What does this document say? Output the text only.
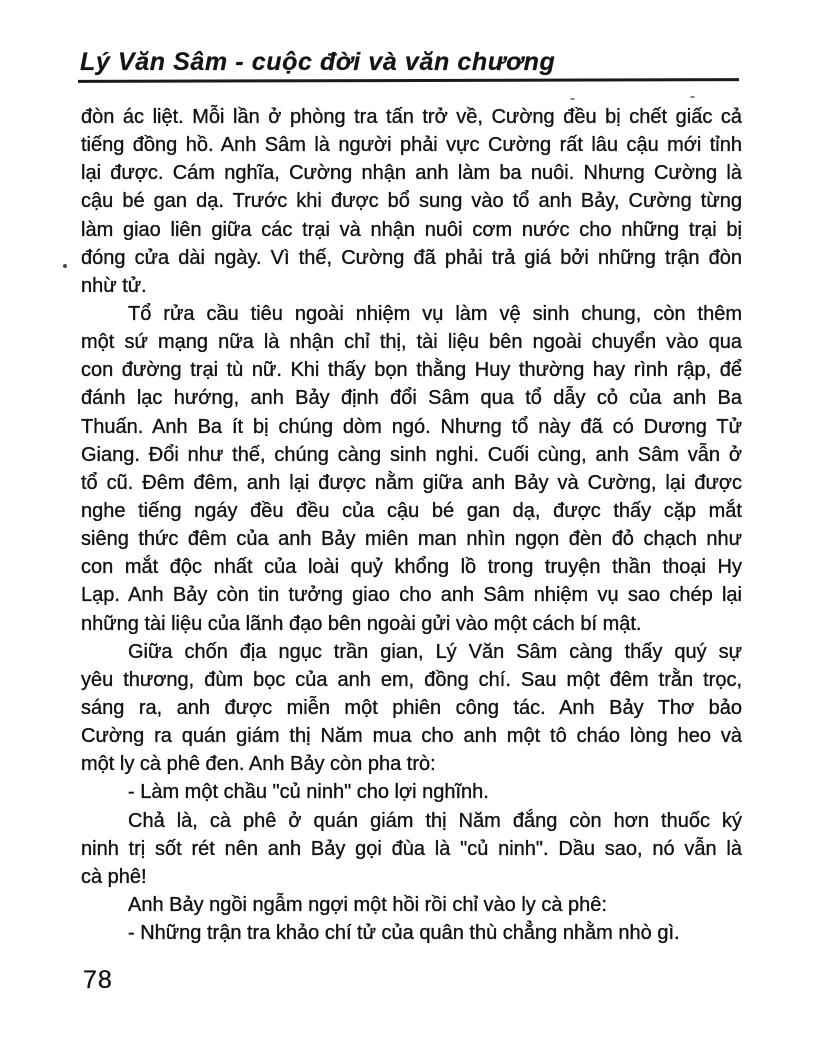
Lý Văn Sâm - cuộc đời và văn chương
đòn ác liệt. Mỗi lần ở phòng tra tấn trở về, Cường đều bị chết giấc cả
tiếng đồng hồ. Anh Sâm là người phải vực Cường rất lâu cậu mới tỉnh
lại được. Cám nghĩa, Cường nhận anh làm ba nuôi. Nhưng Cường là
cậu bé gan dạ. Trước khi được bổ sung vào tổ anh Bảy, Cường từng
làm giao liên giữa các trại và nhận nuôi cơm nước cho những trại bị
đóng cửa dài ngày. Vì thế, Cường đã phải trả giá bởi những trận đòn
nhừ tử.
Tổ rửa cầu tiêu ngoài nhiệm vụ làm vệ sinh chung, còn thêm
một sứ mạng nữa là nhận chỉ thị, tài liệu bên ngoài chuyển vào qua
con đường trại tù nữ. Khi thấy bọn thằng Huy thường hay rình rập, để
đánh lạc hướng, anh Bảy định đổi Sâm qua tổ dẫy cỏ của anh Ba
Thuấn. Anh Ba ít bị chúng dòm ngó. Nhưng tổ này đã có Dương Tử
Giang. Đổi như thế, chúng càng sinh nghi. Cuối cùng, anh Sâm vẫn ở
tổ cũ. Đêm đêm, anh lại được nằm giữa anh Bảy và Cường, lại được
nghe tiếng ngáy đều đều của cậu bé gan dạ, được thấy cặp mắt
siêng thức đêm của anh Bảy miên man nhìn ngọn đèn đỏ chạch như
con mắt độc nhất của loài quỷ khổng lồ trong truyện thần thoại Hy
Lạp. Anh Bảy còn tin tưởng giao cho anh Sâm nhiệm vụ sao chép lại
những tài liệu của lãnh đạo bên ngoài gửi vào một cách bí mật.
Giữa chốn địa ngục trần gian, Lý Văn Sâm càng thấy quý sự
yêu thương, đùm bọc của anh em, đồng chí. Sau một đêm trằn trọc,
sáng ra, anh được miễn một phiên công tác. Anh Bảy Thơ bảo
Cường ra quán giám thị Năm mua cho anh một tô cháo lòng heo và
một ly cà phê đen. Anh Bảy còn pha trò:
- Làm một chầu "củ ninh" cho lợi nghĩnh.
Chả là, cà phê ở quán giám thị Năm đắng còn hơn thuốc ký
ninh trị sốt rét nên anh Bảy gọi đùa là "củ ninh". Dầu sao, nó vẫn là
cà phê!
Anh Bảy ngồi ngẫm ngợi một hồi rồi chỉ vào ly cà phê:
- Những trận tra khảo chí tử của quân thù chẳng nhằm nhò gì.
78
